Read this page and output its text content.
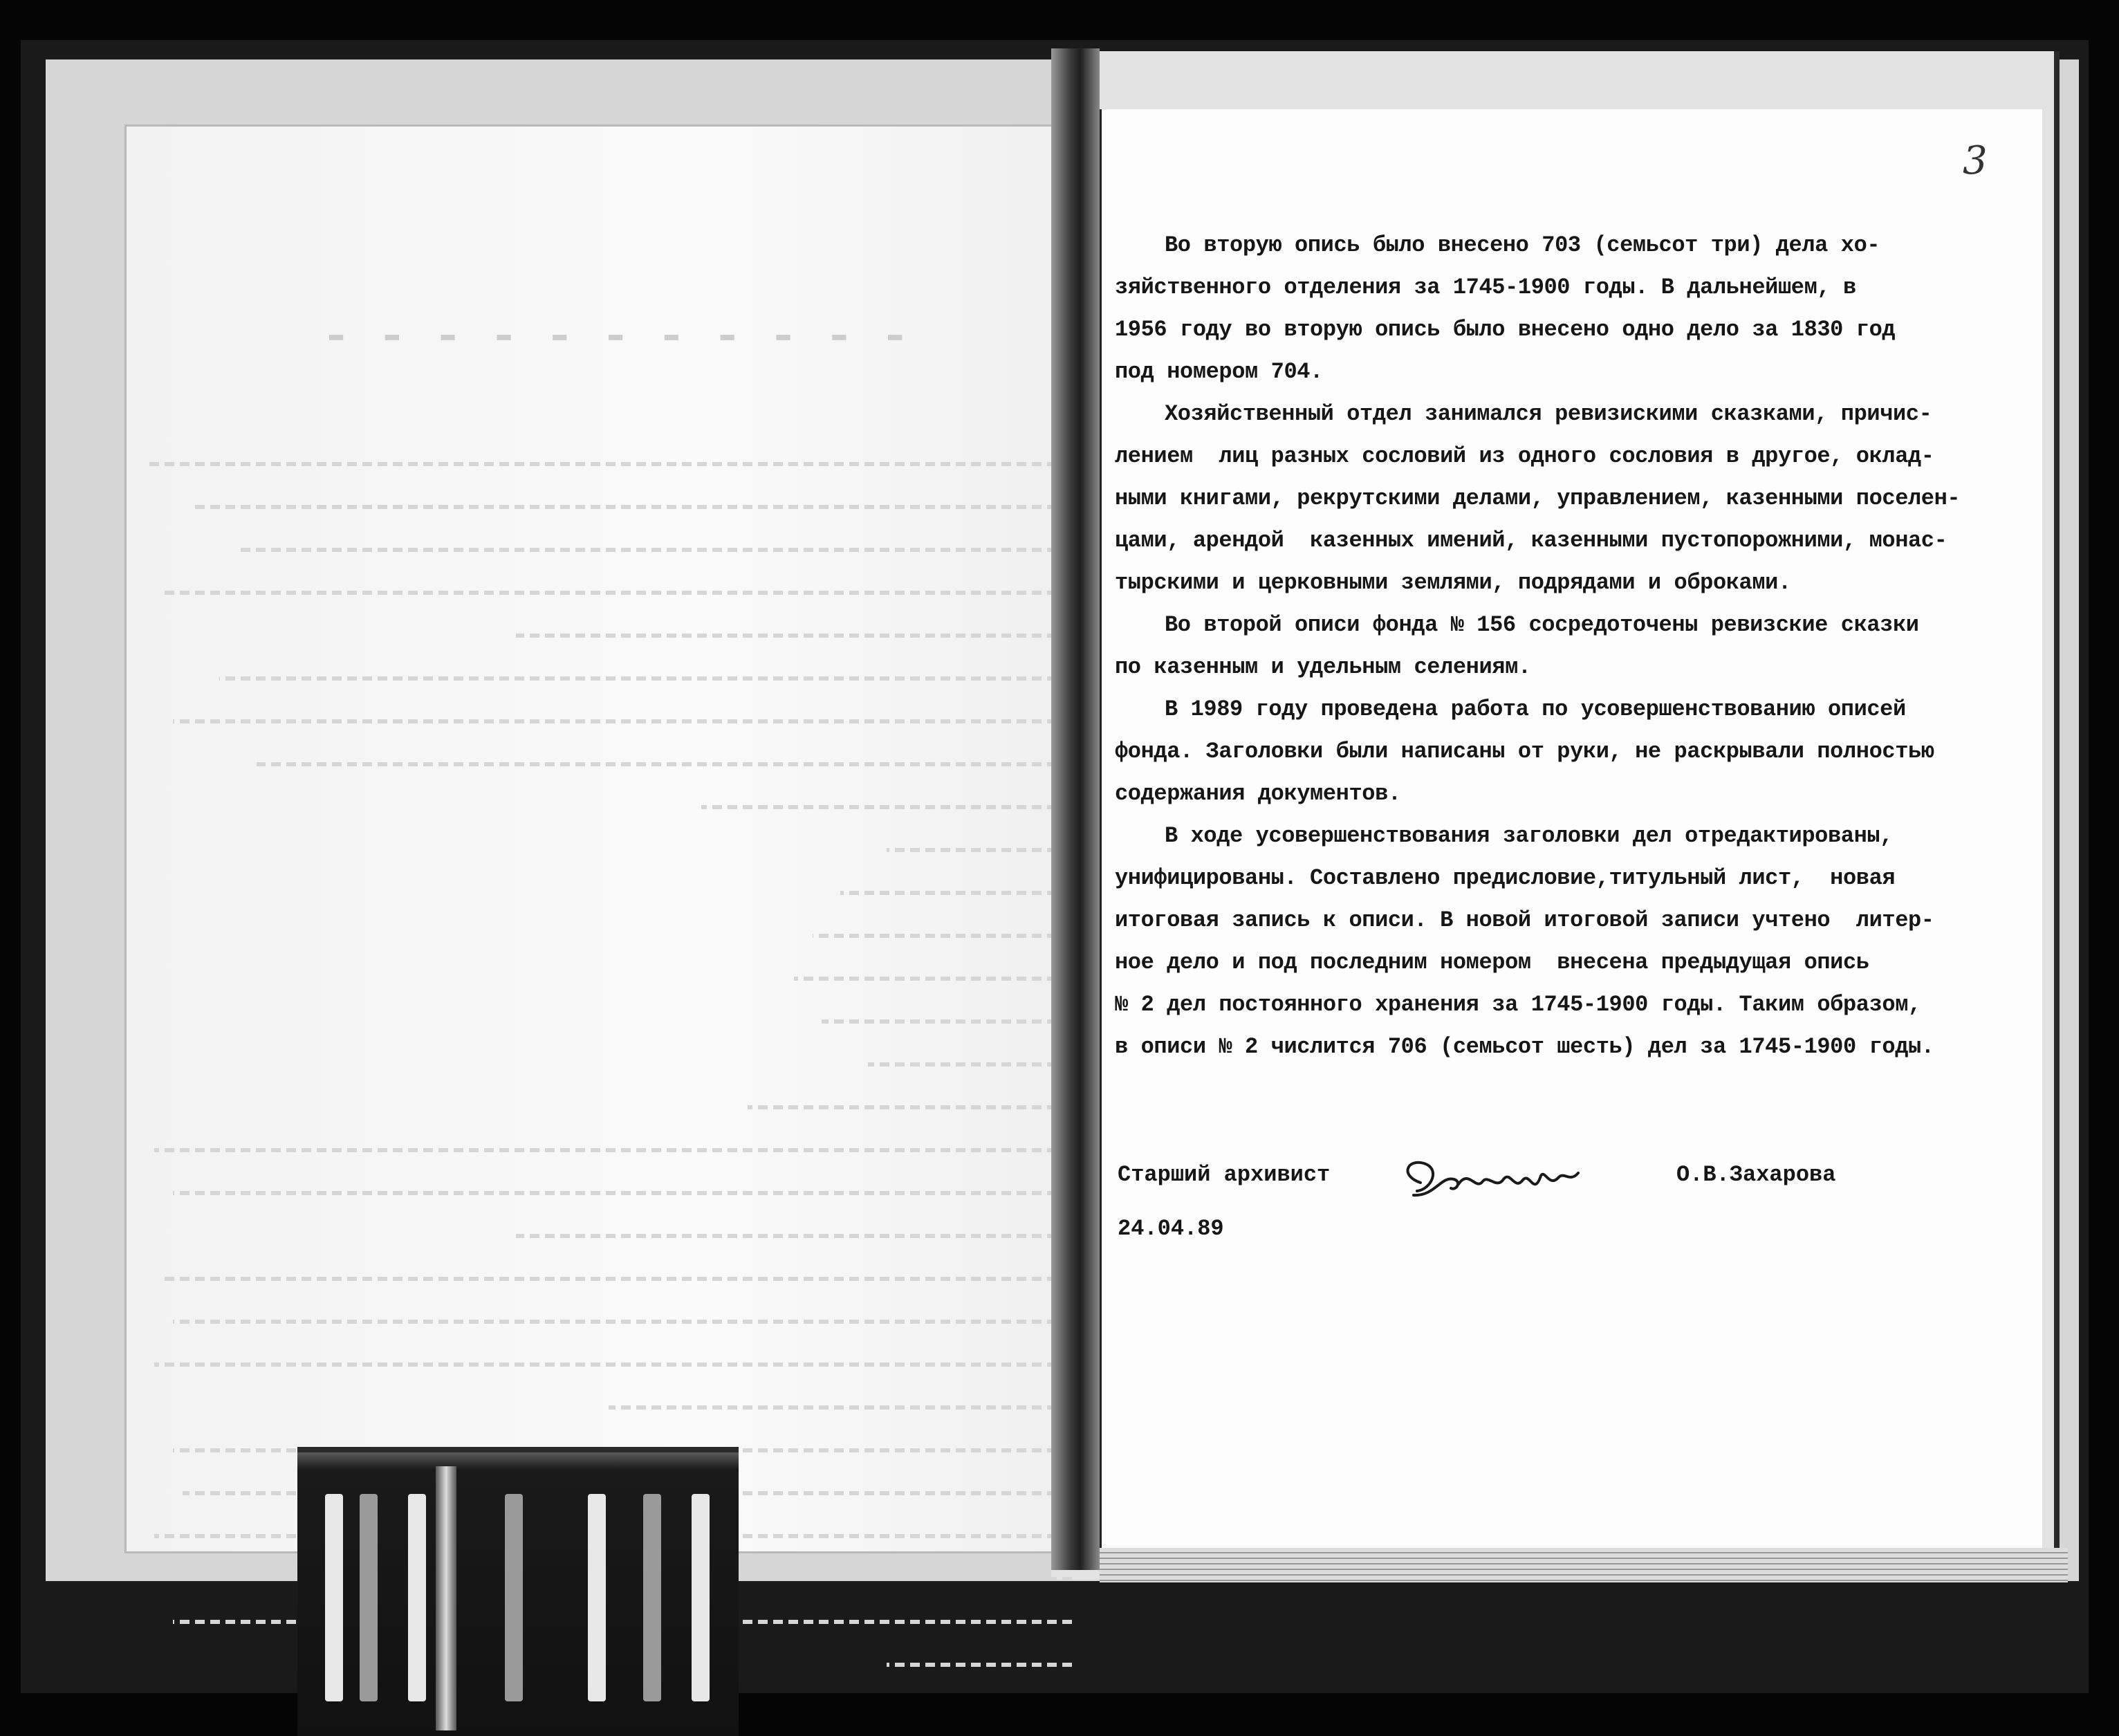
▬ ▬ ▬ ▬ ▬ ▬ ▬ ▬ ▬ ▬ ▬

3
Во вторую опись было внесено 703 (семьсот три) дела хо-
зяйственного отделения за 1745-1900 годы. В дальнейшем, в
1956 году во вторую опись было внесено одно дело за 1830 год
под номером 704.
Хозяйственный отдел занимался ревизискими сказками, причис-
лением  лиц разных сословий из одного сословия в другое, оклад-
ными книгами, рекрутскими делами, управлением, казенными поселен-
цами, арендой  казенных имений, казенными пустопорожними, монас-
тырскими и церковными землями, подрядами и оброками.
Во второй описи фонда № 156 сосредоточены ревизские сказки
по казенным и удельным селениям.
В 1989 году проведена работа по усовершенствованию описей
фонда. Заголовки были написаны от руки, не раскрывали полностью
содержания документов.
В ходе усовершенствования заголовки дел отредактированы,
унифицированы. Составлено предисловие,титульный лист,  новая
итоговая запись к описи. В новой итоговой записи учтено  литер-
ное дело и под последним номером  внесена предыдущая опись
№ 2 дел постоянного хранения за 1745-1900 годы. Таким образом,
в описи № 2 числится 706 (семьсот шесть) дел за 1745-1900 годы.
Старший архивист	О.В.Захарова
24.04.89
